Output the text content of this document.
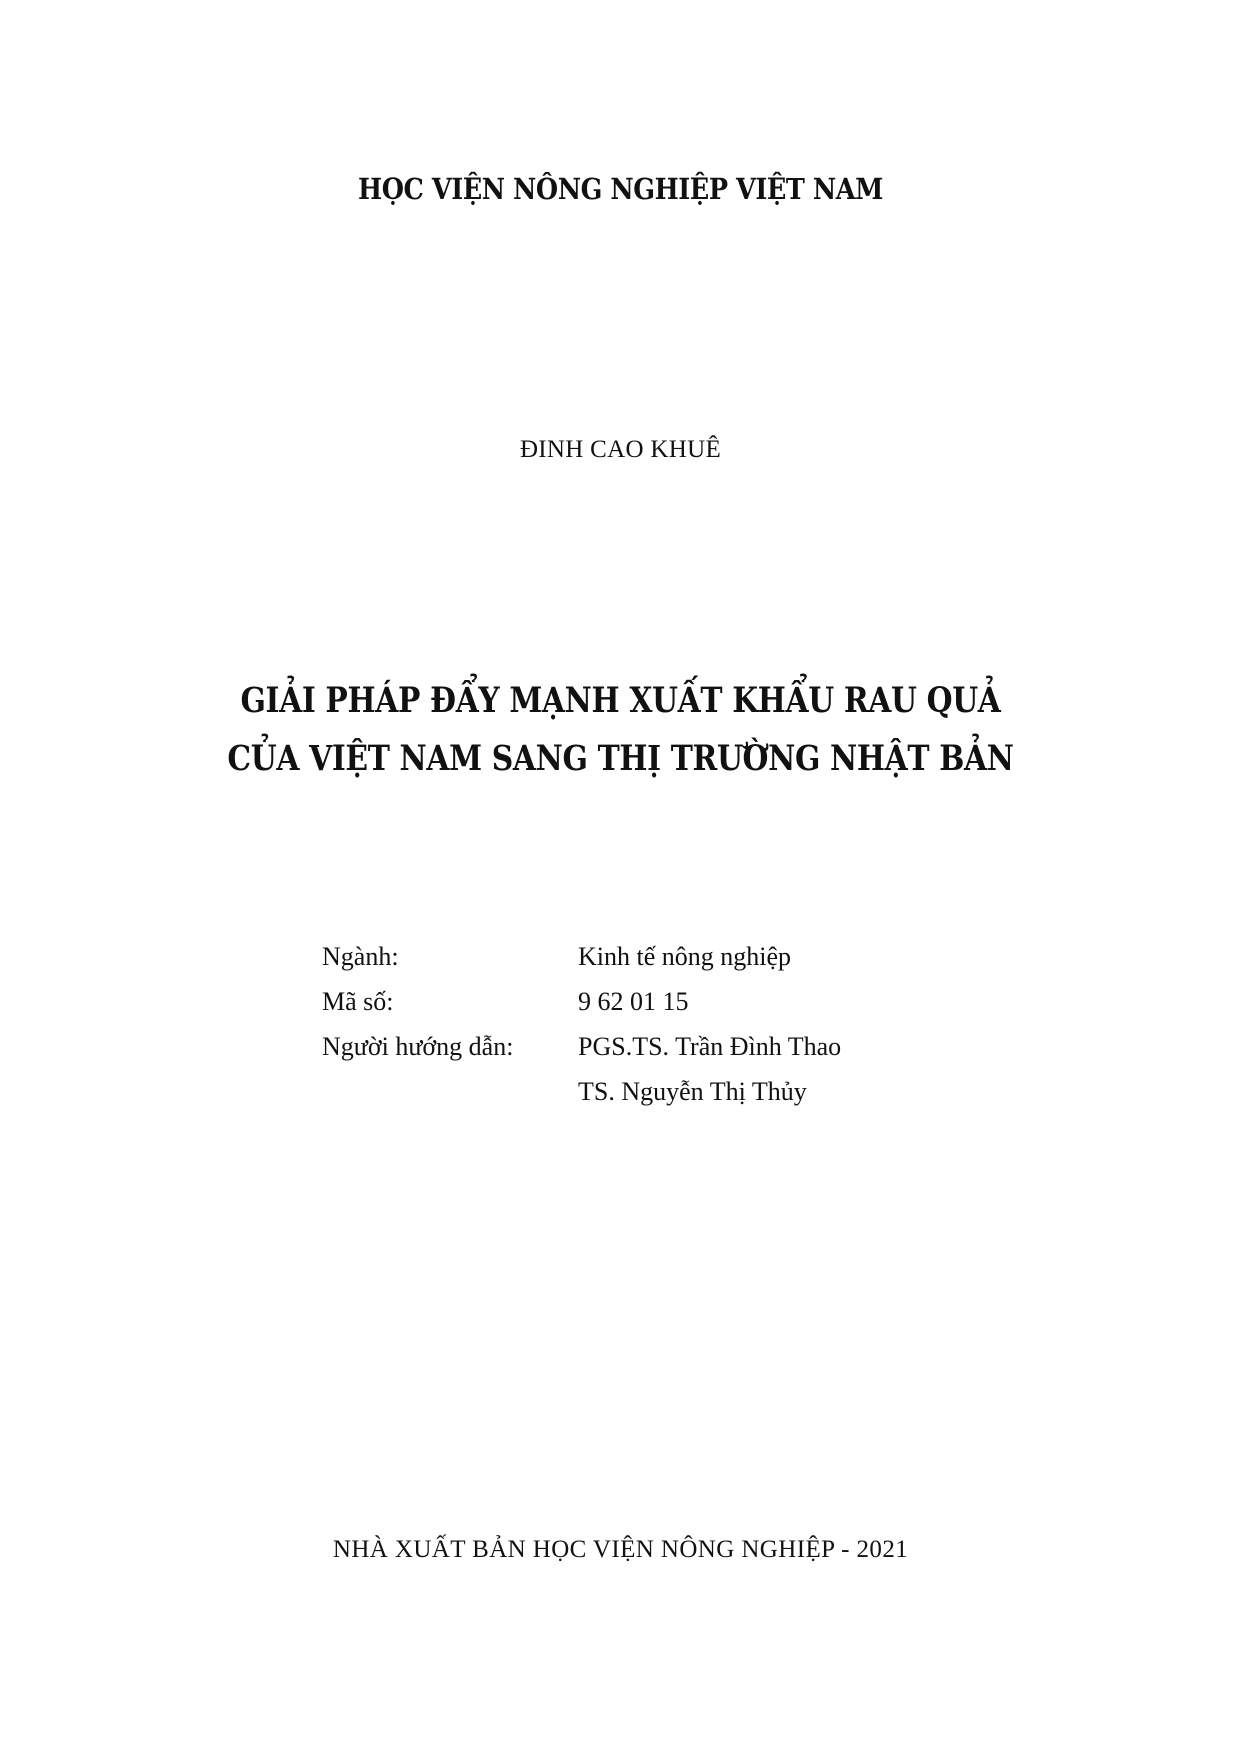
HỌC VIỆN NÔNG NGHIỆP VIỆT NAM
ĐINH CAO KHUÊ
GIẢI PHÁP ĐẨY MẠNH XUẤT KHẨU RAU QUẢ
CỦA VIỆT NAM SANG THỊ TRƯỜNG NHẬT BẢN
Ngành:	Kinh tế nông nghiệp
Mã số:	9 62 01 15
Người hướng dẫn:	PGS.TS. Trần Đình Thao
TS. Nguyễn Thị Thủy
NHÀ XUẤT BẢN HỌC VIỆN NÔNG NGHIỆP - 2021
